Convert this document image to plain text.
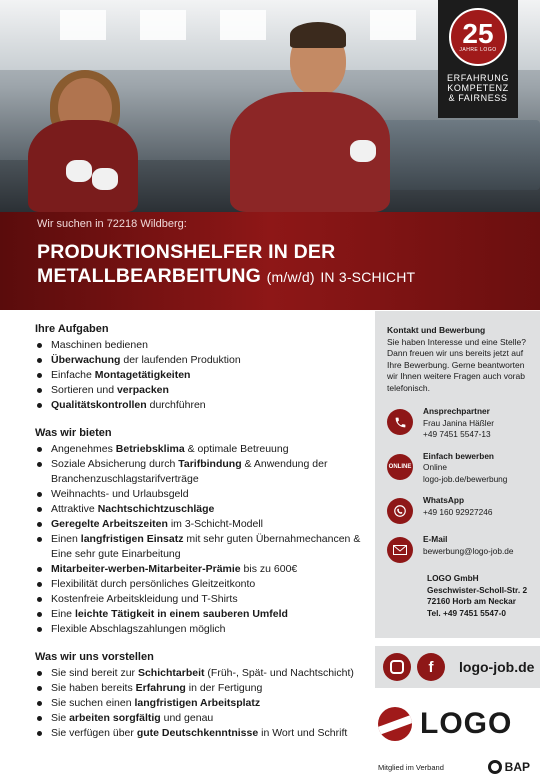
25
JAHRE LOGO
ERFAHRUNG
KOMPETENZ
& FAIRNESS
Wir suchen in 72218 Wildberg:
PRODUKTIONSHELFER IN DER
METALLBEARBEITUNG (m/w/d) IN 3-SCHICHT
Ihre Aufgaben
Maschinen bedienen
Überwachung der laufenden Produktion
Einfache Montagetätigkeiten
Sortieren und verpacken
Qualitätskontrollen durchführen
Was wir bieten
Angenehmes Betriebsklima & optimale Betreuung
Soziale Absicherung durch Tarifbindung & Anwendung der Branchenzuschlagstarifverträge
Weihnachts- und Urlaubsgeld
Attraktive Nachtschichtzuschläge
Geregelte Arbeitszeiten im 3-Schicht-Modell
Einen langfristigen Einsatz mit sehr guten Übernahmechancen & Eine sehr gute Einarbeitung
Mitarbeiter-werben-Mitarbeiter-Prämie bis zu 600€
Flexibilität durch persönliches Gleitzeitkonto
Kostenfreie Arbeitskleidung und T-Shirts
Eine leichte Tätigkeit in einem sauberen Umfeld
Flexible Abschlagszahlungen möglich
Was wir uns vorstellen
Sie sind bereit zur Schichtarbeit (Früh-, Spät- und Nachtschicht)
Sie haben bereits Erfahrung in der Fertigung
Sie suchen einen langfristigen Arbeitsplatz
Sie arbeiten sorgfältig und genau
Sie verfügen über gute Deutschkenntnisse in Wort und Schrift
Kontakt und Bewerbung
Sie haben Interesse und eine Stelle? Dann freuen wir uns bereits jetzt auf Ihre Bewerbung. Gerne beantworten wir Ihnen weitere Fragen auch vorab telefonisch.
Ansprechpartner
Frau Janina Häßler
+49 7451 5547-13
ONLINE
Einfach bewerben
Online
logo-job.de/bewerbung
WhatsApp
+49 160 92927246
E-Mail
bewerbung@logo-job.de
LOGO GmbH
Geschwister-Scholl-Str. 2
72160 Horb am Neckar
Tel. +49 7451 5547-0
f	logo-job.de
LOGO
Mitglied im Verband	BAP
